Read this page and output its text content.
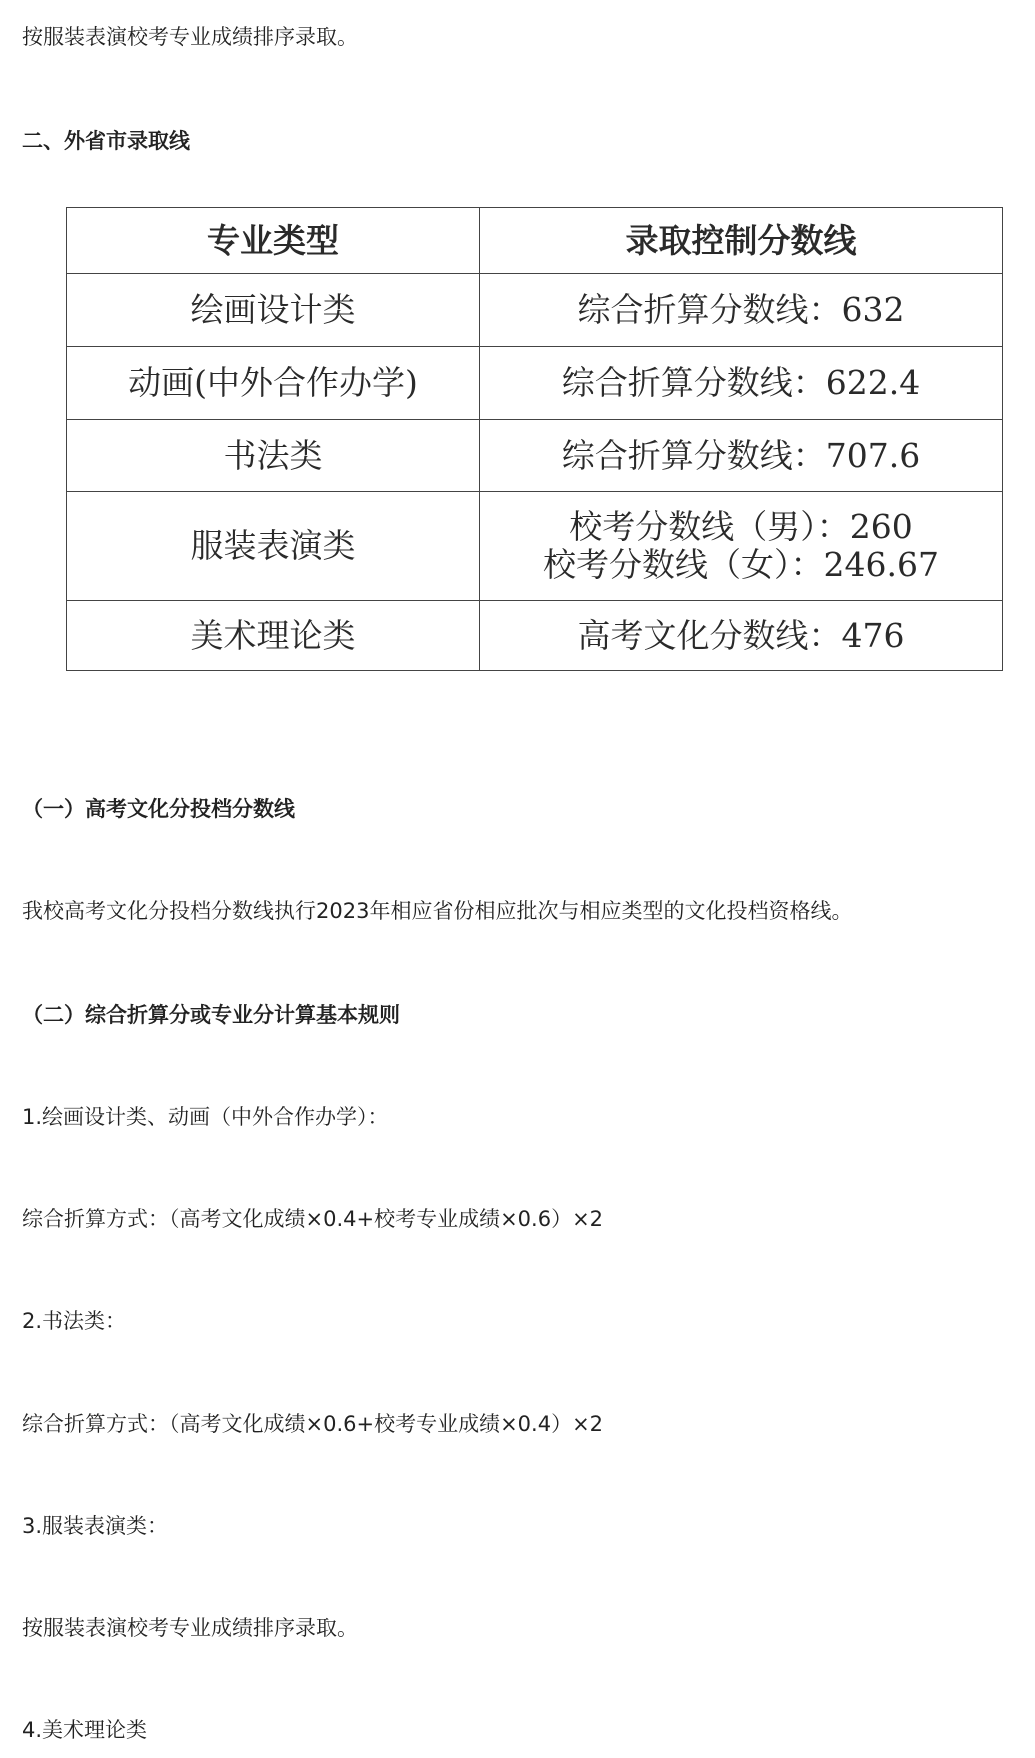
按服装表演校考专业成绩排序录取。

二、外省市录取线

专业类型	录取控制分数线
绘画设计类	综合折算分数线：632

动画(中外合作办学)	综合折算分数线：622.4

书法类	综合折算分数线：707.6

服装表演类	校考分数线（男）：260
校考分数线（女）：246.67

美术理论类	高考文化分数线：476

（一）高考文化分投档分数线

我校高考文化分投档分数线执行2023年相应省份相应批次与相应类型的文化投档资格线。

（二）综合折算分或专业分计算基本规则

1.绘画设计类、动画（中外合作办学）：

综合折算方式：（高考文化成绩×0.4+校考专业成绩×0.6）×2

2.书法类：

综合折算方式：（高考文化成绩×0.6+校考专业成绩×0.4）×2

3.服装表演类：

按服装表演校考专业成绩排序录取。

4.美术理论类
